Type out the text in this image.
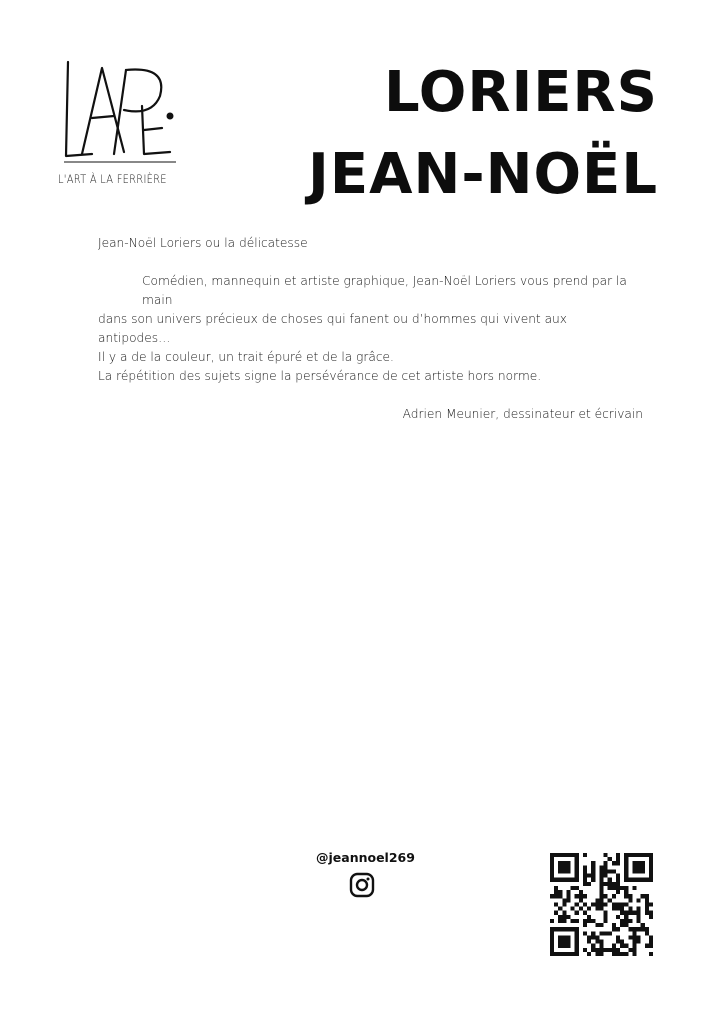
L'ART À LA FERRIÈRE
LORIERS
JEAN-NOËL

Jean-Noël Loriers ou la délicatesse

Comédien, mannequin et artiste graphique, Jean-Noël Loriers vous prend par la main

dans son univers précieux de choses qui fanent ou d’hommes qui vivent aux antipodes…

Il y a de la couleur, un trait épuré et de la grâce.

La répétition des sujets signe la persévérance de cet artiste hors norme.

Adrien Meunier, dessinateur et écrivain

@jeannoel269
